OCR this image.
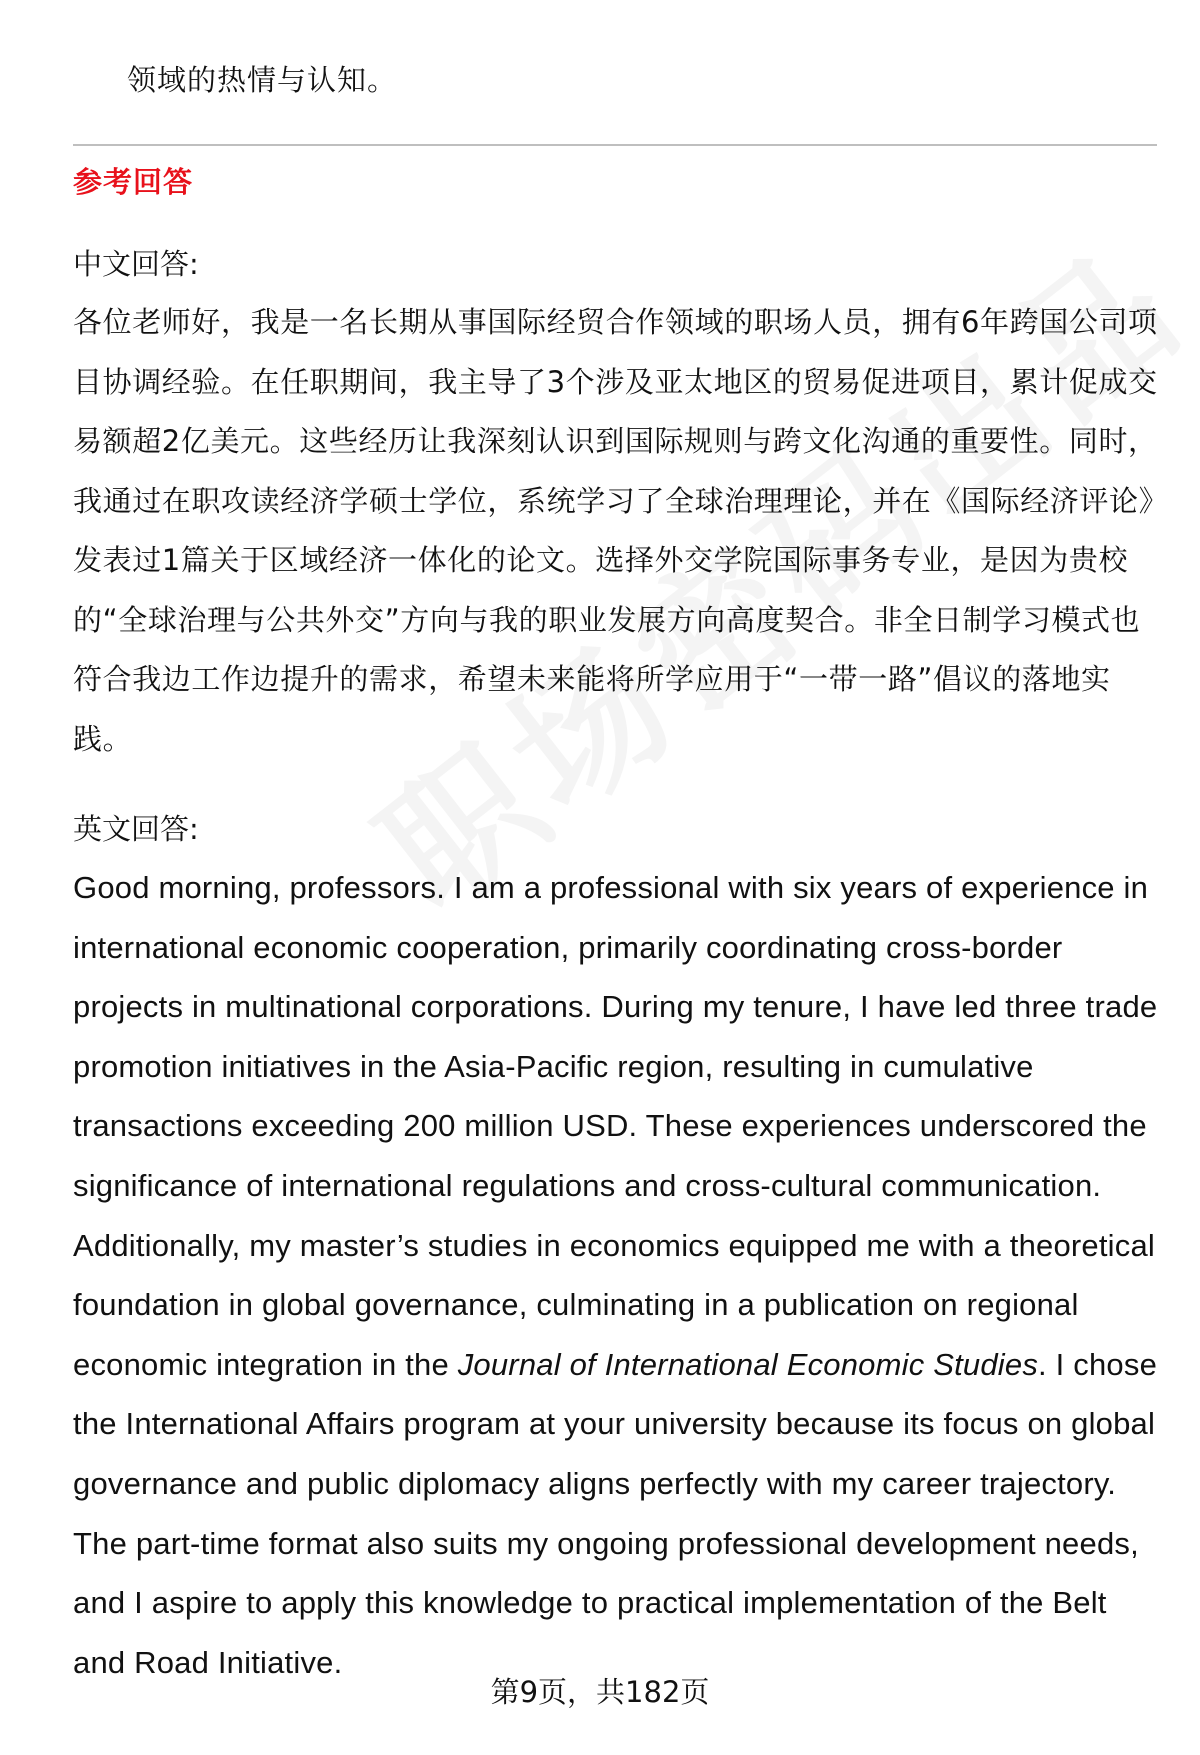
领域的热情与认知。
参考回答

中文回答:

各位老师好，我是一名长期从事国际经贸合作领域的职场人员，拥有6年跨国公司项目协调经验。在任职期间，我主导了3个涉及亚太地区的贸易促进项目，累计促成交易额超2亿美元。这些经历让我深刻认识到国际规则与跨文化沟通的重要性。同时，我通过在职攻读经济学硕士学位，系统学习了全球治理理论，并在《国际经济评论》发表过1篇关于区域经济一体化的论文。选择外交学院国际事务专业，是因为贵校的“全球治理与公共外交”方向与我的职业发展方向高度契合。非全日制学习模式也符合我边工作边提升的需求，希望未来能将所学应用于“一带一路”倡议的落地实践。

英文回答:

Good morning, professors. I am a professional with six years of experience in international economic cooperation, primarily coordinating cross-border projects in multinational corporations. During my tenure, I have led three trade promotion initiatives in the Asia-Pacific region, resulting in cumulative transactions exceeding 200 million USD. These experiences underscored the significance of international regulations and cross-cultural communication. Additionally, my master’s studies in economics equipped me with a theoretical foundation in global governance, culminating in a publication on regional economic integration in the Journal of International Economic Studies. I chose the International Affairs program at your university because its focus on global governance and public diplomacy aligns perfectly with my career trajectory. The part-time format also suits my ongoing professional development needs, and I aspire to apply this knowledge to practical implementation of the Belt and Road Initiative.

第9页，共182页
